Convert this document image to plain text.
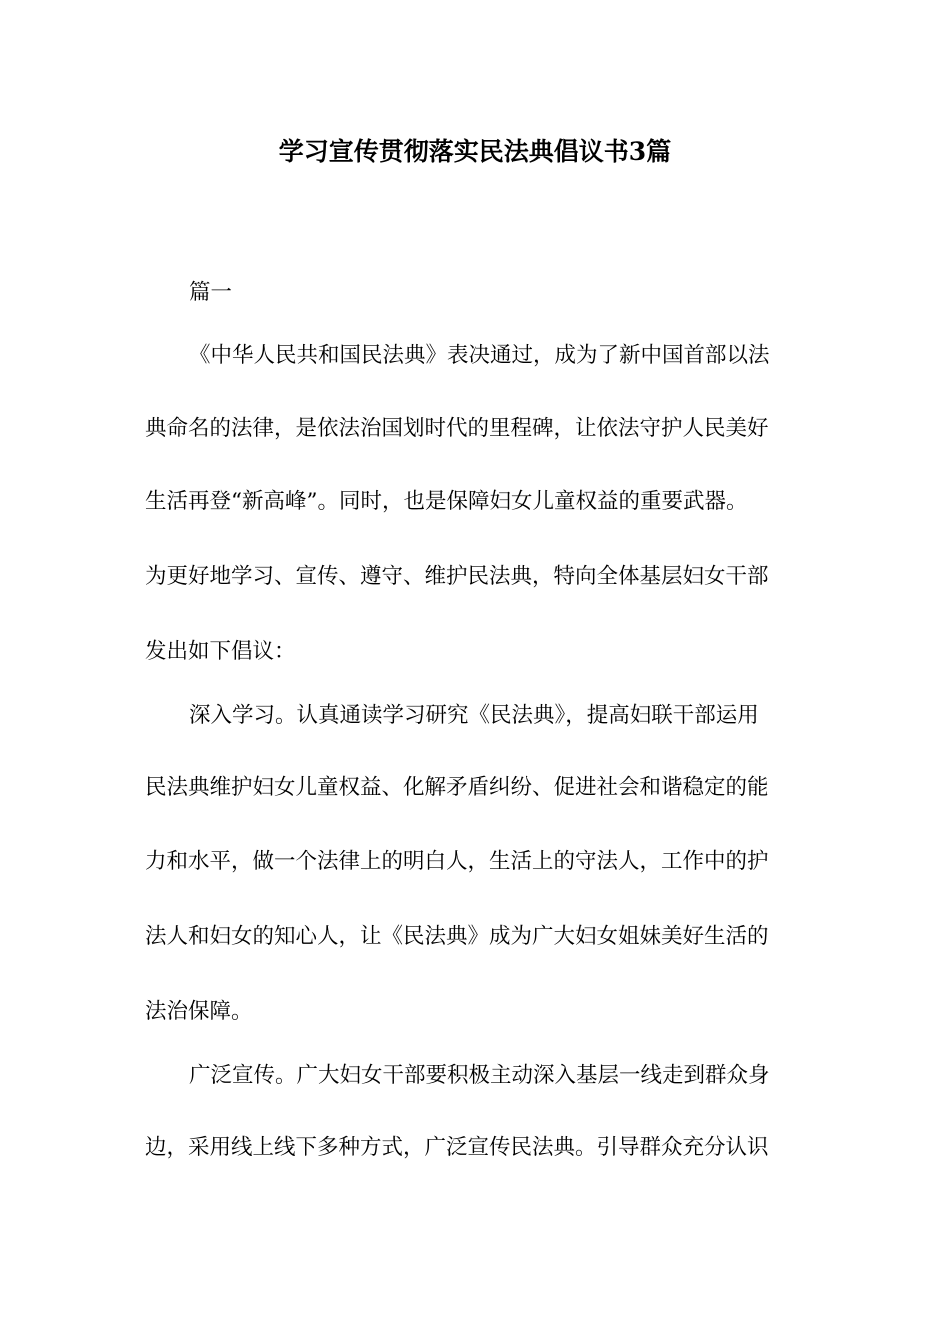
学习宣传贯彻落实民法典倡议书3篇
篇一
《中华人民共和国民法典》表决通过，成为了新中国首部以法
典命名的法律，是依法治国划时代的里程碑，让依法守护人民美好
生活再登“新高峰”。同时，也是保障妇女儿童权益的重要武器。
为更好地学习、宣传、遵守、维护民法典，特向全体基层妇女干部
发出如下倡议：
深入学习。认真通读学习研究《民法典》，提高妇联干部运用
民法典维护妇女儿童权益、化解矛盾纠纷、促进社会和谐稳定的能
力和水平，做一个法律上的明白人，生活上的守法人，工作中的护
法人和妇女的知心人，让《民法典》成为广大妇女姐妹美好生活的
法治保障。
广泛宣传。广大妇女干部要积极主动深入基层一线走到群众身
边，采用线上线下多种方式，广泛宣传民法典。引导群众充分认识
